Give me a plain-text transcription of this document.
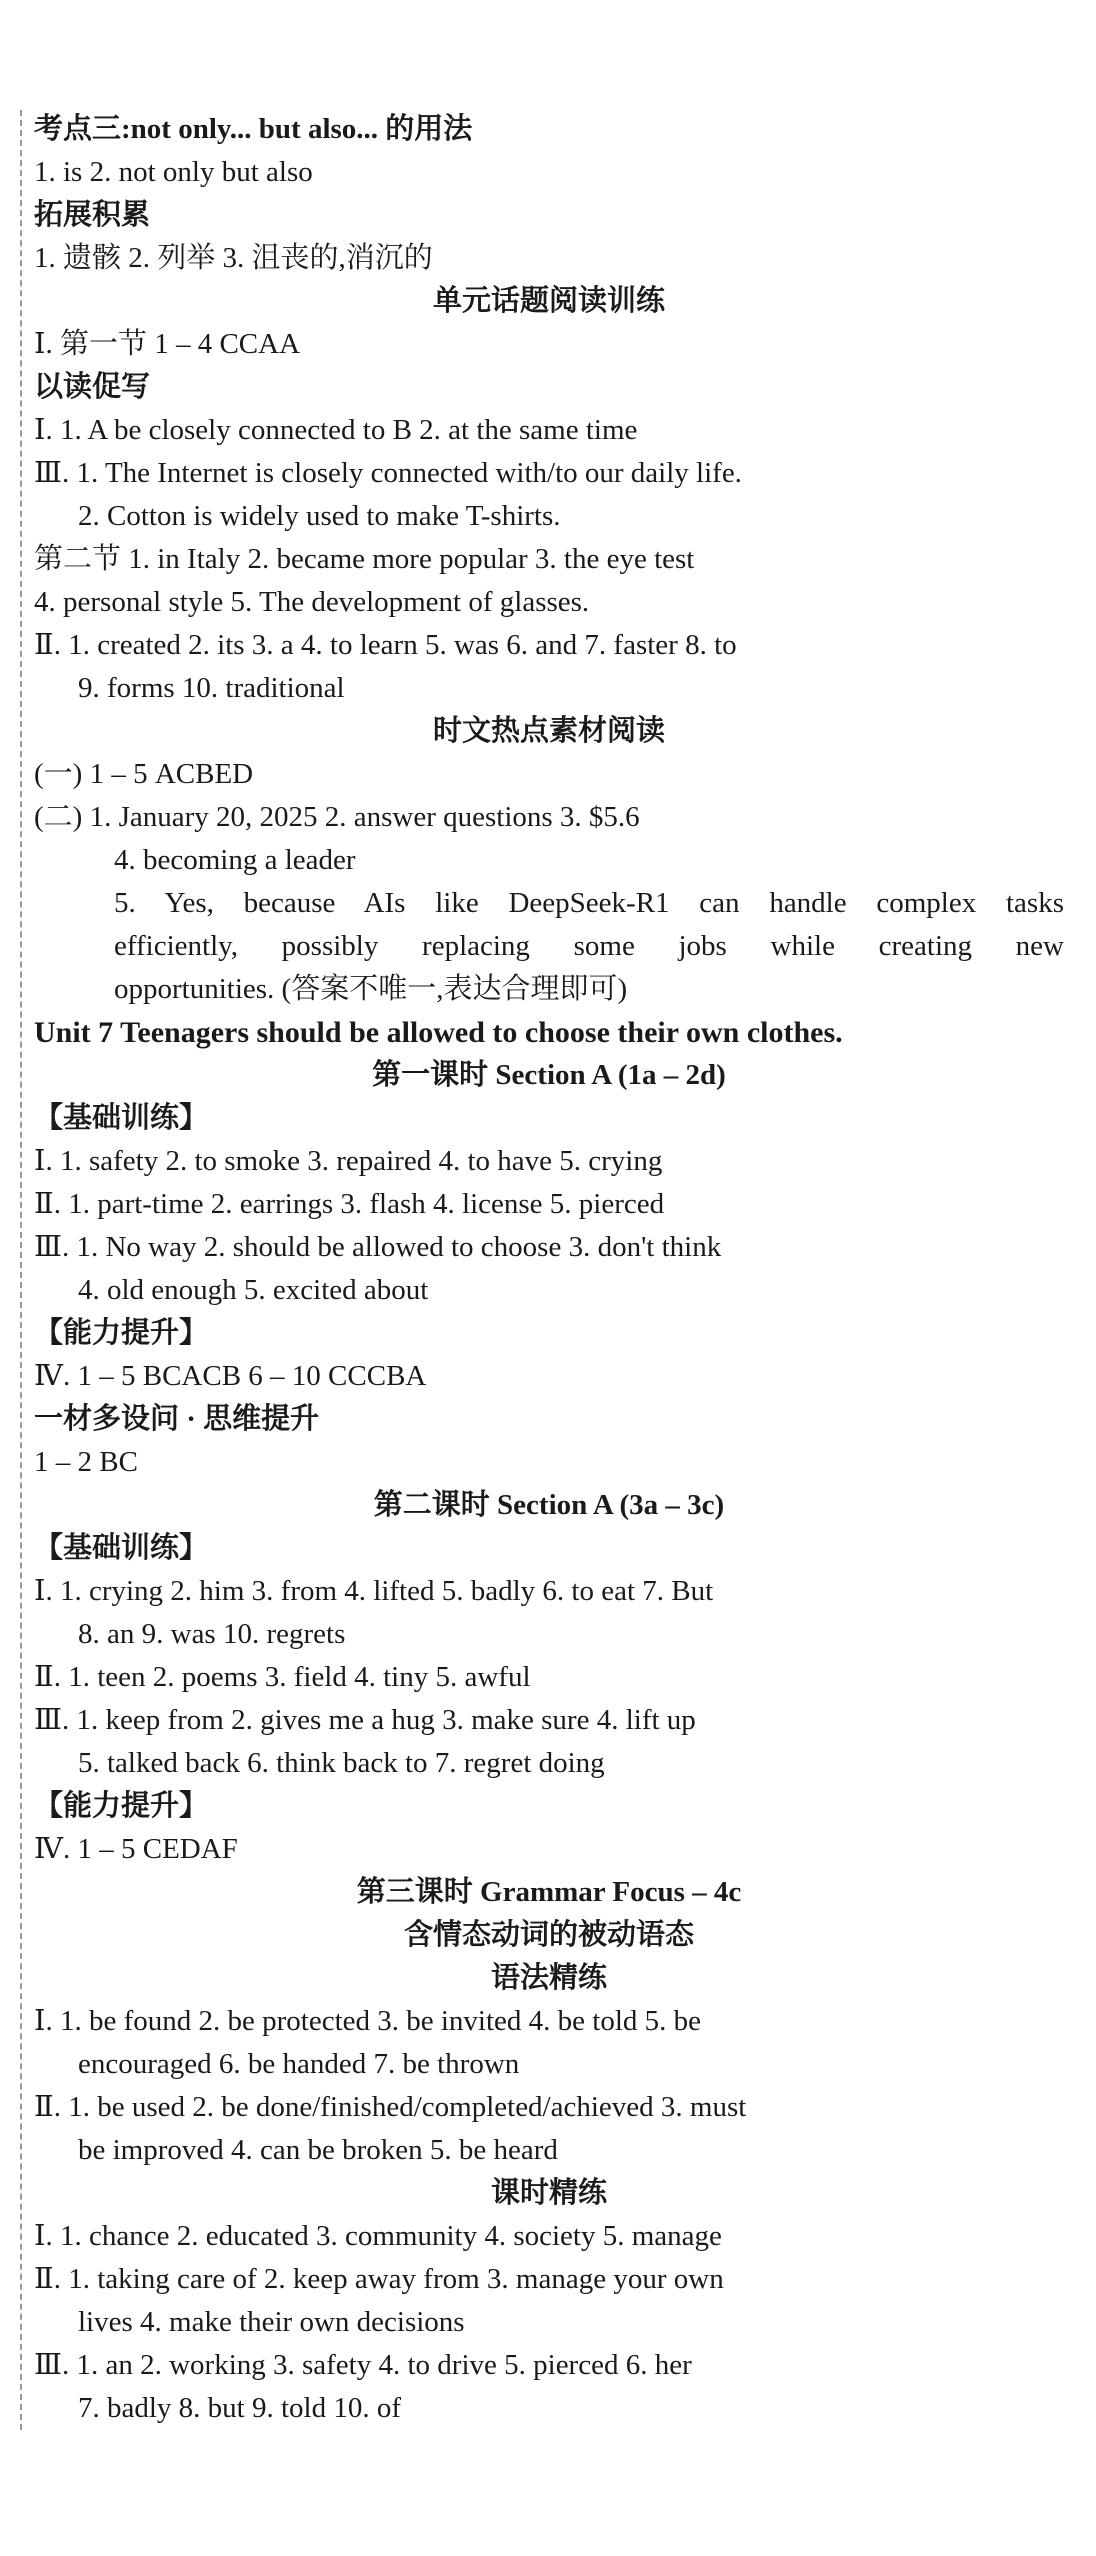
考点三:not only... but also... 的用法
1. is 2. not only but also
拓展积累
1. 遗骸 2. 列举 3. 沮丧的,消沉的
单元话题阅读训练
Ⅰ. 第一节 1 – 4 CCAA
以读促写
Ⅰ. 1. A be closely connected to B 2. at the same time
Ⅲ. 1. The Internet is closely connected with/to our daily life.
2. Cotton is widely used to make T-shirts.
第二节 1. in Italy 2. became more popular 3. the eye test
4. personal style 5. The development of glasses.
Ⅱ. 1. created 2. its 3. a 4. to learn 5. was 6. and 7. faster 8. to
9. forms 10. traditional
时文热点素材阅读
(一) 1 – 5 ACBED
(二) 1. January 20, 2025 2. answer questions 3. $5.6
4. becoming a leader
5. Yes, because AIs like DeepSeek-R1 can handle complex tasks
efficiently, possibly replacing some jobs while creating new
opportunities. (答案不唯一,表达合理即可)
Unit 7 Teenagers should be allowed to choose their own clothes.
第一课时 Section A (1a – 2d)
【基础训练】
Ⅰ. 1. safety 2. to smoke 3. repaired 4. to have 5. crying
Ⅱ. 1. part-time 2. earrings 3. flash 4. license 5. pierced
Ⅲ. 1. No way 2. should be allowed to choose 3. don't think
4. old enough 5. excited about
【能力提升】
Ⅳ. 1 – 5 BCACB 6 – 10 CCCBA
一材多设问 · 思维提升
1 – 2 BC
第二课时 Section A (3a – 3c)
【基础训练】
Ⅰ. 1. crying 2. him 3. from 4. lifted 5. badly 6. to eat 7. But
8. an 9. was 10. regrets
Ⅱ. 1. teen 2. poems 3. field 4. tiny 5. awful
Ⅲ. 1. keep from 2. gives me a hug 3. make sure 4. lift up
5. talked back 6. think back to 7. regret doing
【能力提升】
Ⅳ. 1 – 5 CEDAF
第三课时 Grammar Focus – 4c
含情态动词的被动语态
语法精练
Ⅰ. 1. be found 2. be protected 3. be invited 4. be told 5. be
encouraged 6. be handed 7. be thrown
Ⅱ. 1. be used 2. be done/finished/completed/achieved 3. must
be improved 4. can be broken 5. be heard
课时精练
Ⅰ. 1. chance 2. educated 3. community 4. society 5. manage
Ⅱ. 1. taking care of 2. keep away from 3. manage your own
lives 4. make their own decisions
Ⅲ. 1. an 2. working 3. safety 4. to drive 5. pierced 6. her
7. badly 8. but 9. told 10. of
